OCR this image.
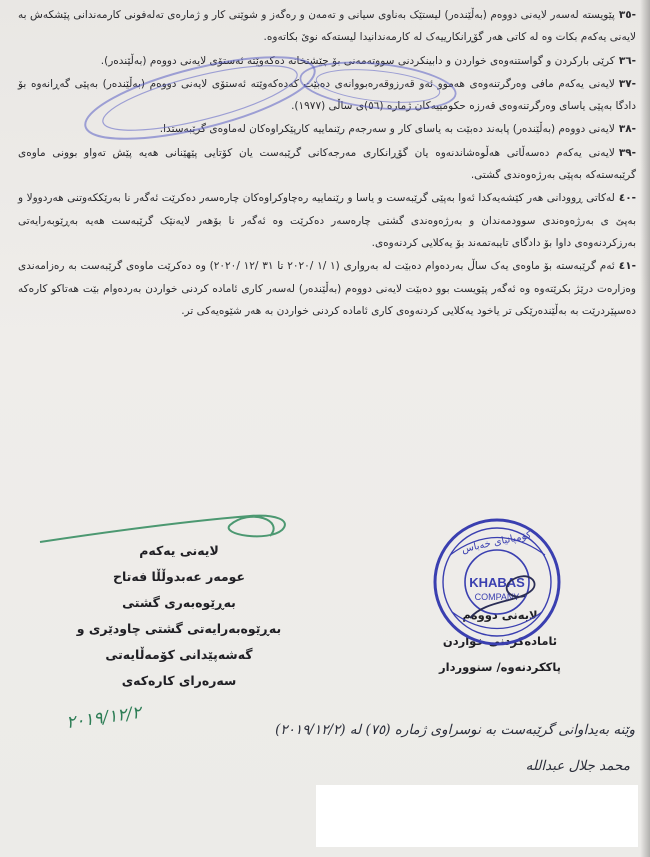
-٣٥پێویستە لەسەر لایەنی دووەم (بەڵێندەر) لیستێک بەناوی سیانی و تەمەن و رەگەز و شوێنی کار و ژمارەی تەلەفونی کارمەندانی پێشکەش بە لایەنی یەکەم بکات وە لە کاتی هەر گۆڕانکارییەک لە کارمەندانیدا لیستەکە نوێ بکاتەوە.

-٣٦کرێی بارکردن و گواستنەوەی خواردن و دابینکردنی سووتەمەنی بۆ چێشتخانە دەکەوێتە ئەستۆی لایەنی دووەم (بەڵێندەر).

-٣٧لایەنی یەکەم مافی وەرگرتنەوەی هەموو ئەو قەرزوقەرەبووانەی دەبێت کەدەکەوێتە ئەستۆی لایەنی دووەم (بەڵێندەر) بەپێی گەڕانەوە بۆ دادگا بەپێی یاسای وەرگرتنەوەی قەرزە حکومییەکان ژمارە (٥٦)ی ساڵی (١٩٧٧).

-٣٨لایەنی دووەم (بەڵێندەر) پابەند دەبێت بە یاسای کار و سەرجەم رێنماییە کارپێکراوەکان لەماوەی گرێبەستدا.

-٣٩لایەنی یەکەم دەسەڵاتی هەڵوەشاندنەوە یان گۆڕانکاری مەرجەکانی گرێبەست یان کۆتایی پێهێنانی هەیە پێش تەواو بوونی ماوەی گرێبەستەکە بەپێی بەرژەوەندی گشتی.

-٤٠لەکاتی ڕوودانی هەر کێشەیەکدا ئەوا بەپێی گرێبەست و یاسا و رێنماییە رەچاوکراوەکان چارەسەر دەکرێت ئەگەر نا بەرێککەوتنی هەردوولا و بەپێ ی بەرژەوەندی سوودمەندان و بەرژەوەندی گشتی چارەسەر دەکرێت وە ئەگەر نا بۆهەر لایەنێک گرێبەست هەیە بەڕێوبەرایەتی بەرزکردنەوەی داوا بۆ دادگای تایبەتمەند بۆ یەکلایی کردنەوەی.

-٤١ئەم گرێبەستە بۆ ماوەی یەک ساڵ بەردەوام دەبێت لە بەرواری (١ /١ /٢٠٢٠ تا ٣١ /١٢ /٢٠٢٠) وە دەکرێت ماوەی گرێبەست بە رەزامەندی وەزارەت درێژ بکرێتەوە وە ئەگەر پێویست بوو دەبێت لایەنی دووەم (بەڵێندەر) لەسەر کاری ئامادە کردنی خواردن بەردەوام بێت هەتاکو کارەکە دەسپێردرێت بە بەڵێندەرێکی تر یاخود یەکلایی کردنەوەی کاری ئامادە کردنی خواردن بە هەر شێوەیەکی تر.

لایەنی یەکەم
عومەر عەبدوڵڵا فەتاح
بەڕێوەبەری گشتی
بەڕێوەبەرایەتی گشتی چاودێری و
گەشەپێدانی کۆمەڵایەتی
سەرەرای کارەکەی
لایەنی دووەم
ئامادەکردنی خواردن
پاککردنەوە/ سنووردار
KHABAS
COMPANY
کۆمپانیای خەباس
٢٠١٩/١٢/٢	وێنە بەیداوانی گرێبەست بە نوسراوی ژمارە (٧٥) لە (٢٠١٩/١٢/٢)
محمد جلال عبدالله
